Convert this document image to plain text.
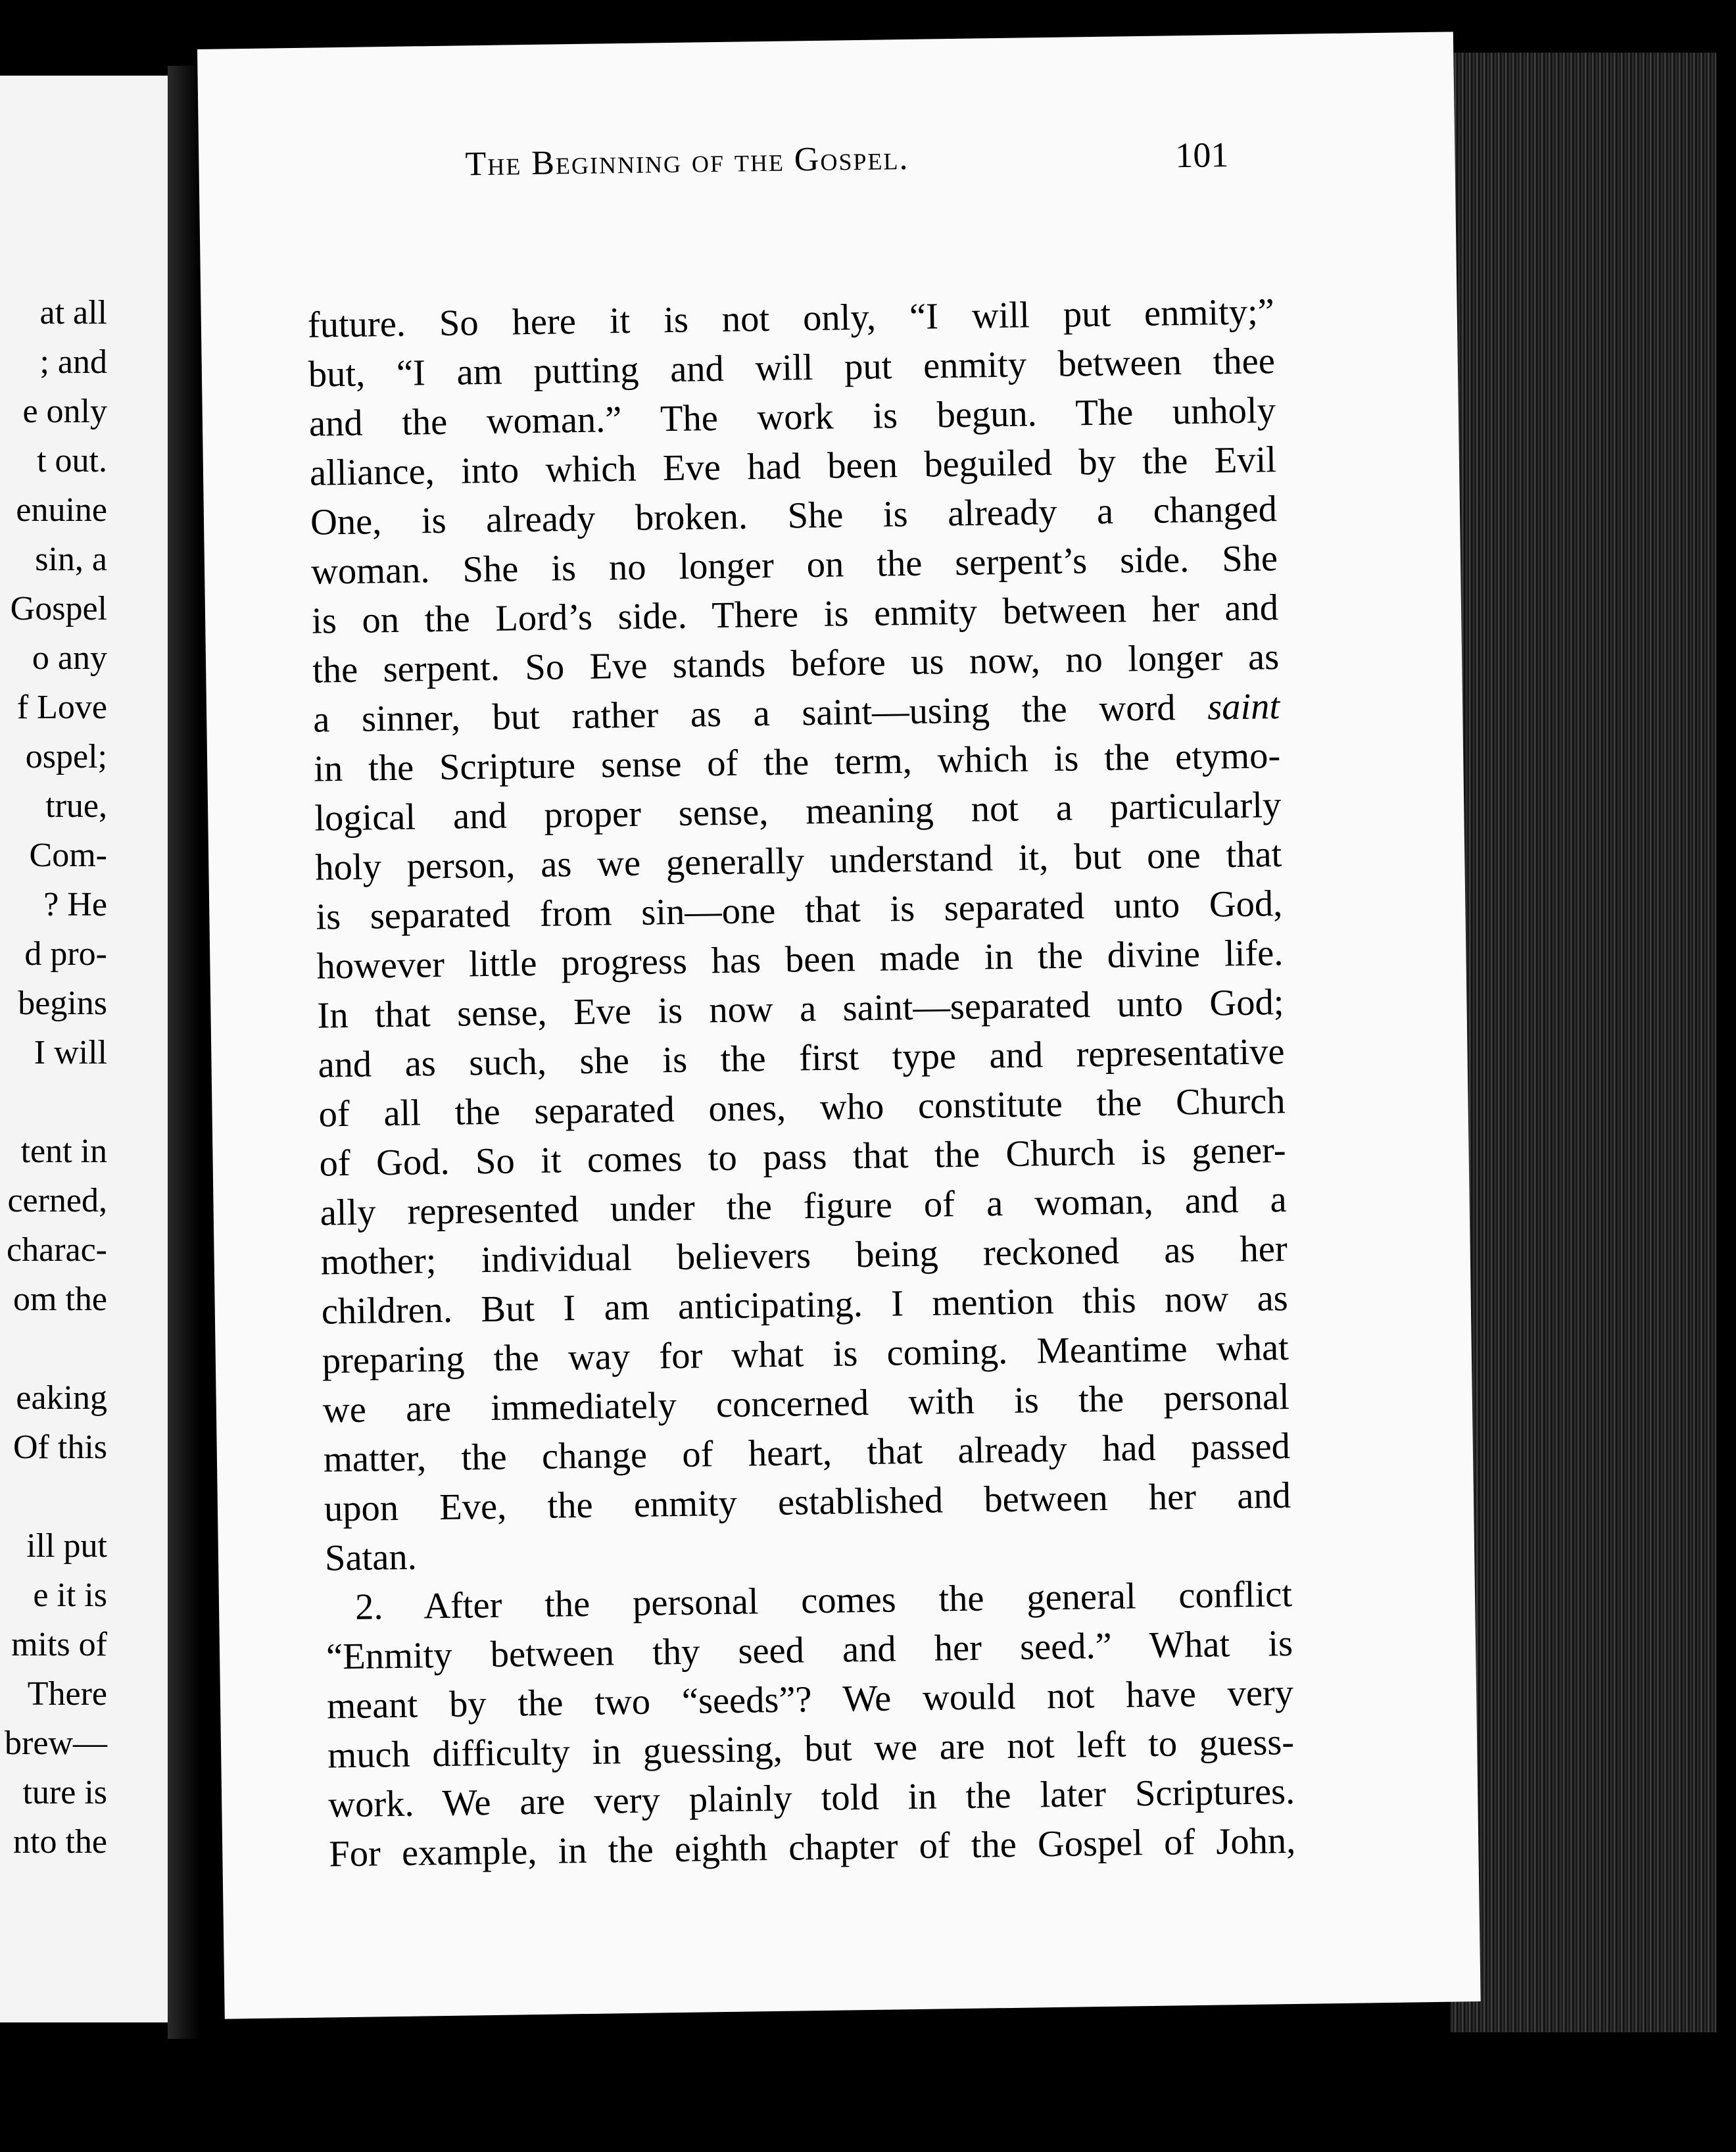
at all
; and
e only
t out.
enuine
sin, a
Gospel
o any
f Love
ospel;
true,
Com-
? He
d pro-
begins
I will
tent in
cerned,
charac-
om the
eaking
Of this
ill put
e it is
mits of
There
brew—
ture is
nto the
The Beginning of the Gospel.	101
future. So here it is not only, “I will put enmity;”
but, “I am putting and will put enmity between thee
and the woman.” The work is begun. The unholy
alliance, into which Eve had been beguiled by the Evil
One, is already broken. She is already a changed
woman. She is no longer on the serpent’s side. She
is on the Lord’s side. There is enmity between her and
the serpent. So Eve stands before us now, no longer as
a sinner, but rather as a saint—using the word saint
in the Scripture sense of the term, which is the etymo-
logical and proper sense, meaning not a particularly
holy person, as we generally understand it, but one that
is separated from sin—one that is separated unto God,
however little progress has been made in the divine life.
In that sense, Eve is now a saint—separated unto God;
and as such, she is the first type and representative
of all the separated ones, who constitute the Church
of God. So it comes to pass that the Church is gener-
ally represented under the figure of a woman, and a
mother; individual believers being reckoned as her
children. But I am anticipating. I mention this now as
preparing the way for what is coming. Meantime what
we are immediately concerned with is the personal
matter, the change of heart, that already had passed
upon Eve, the enmity established between her and
Satan.
2. After the personal comes the general conflict
“Enmity between thy seed and her seed.” What is
meant by the two “seeds”? We would not have very
much difficulty in guessing, but we are not left to guess-
work. We are very plainly told in the later Scriptures.
For example, in the eighth chapter of the Gospel of John,
